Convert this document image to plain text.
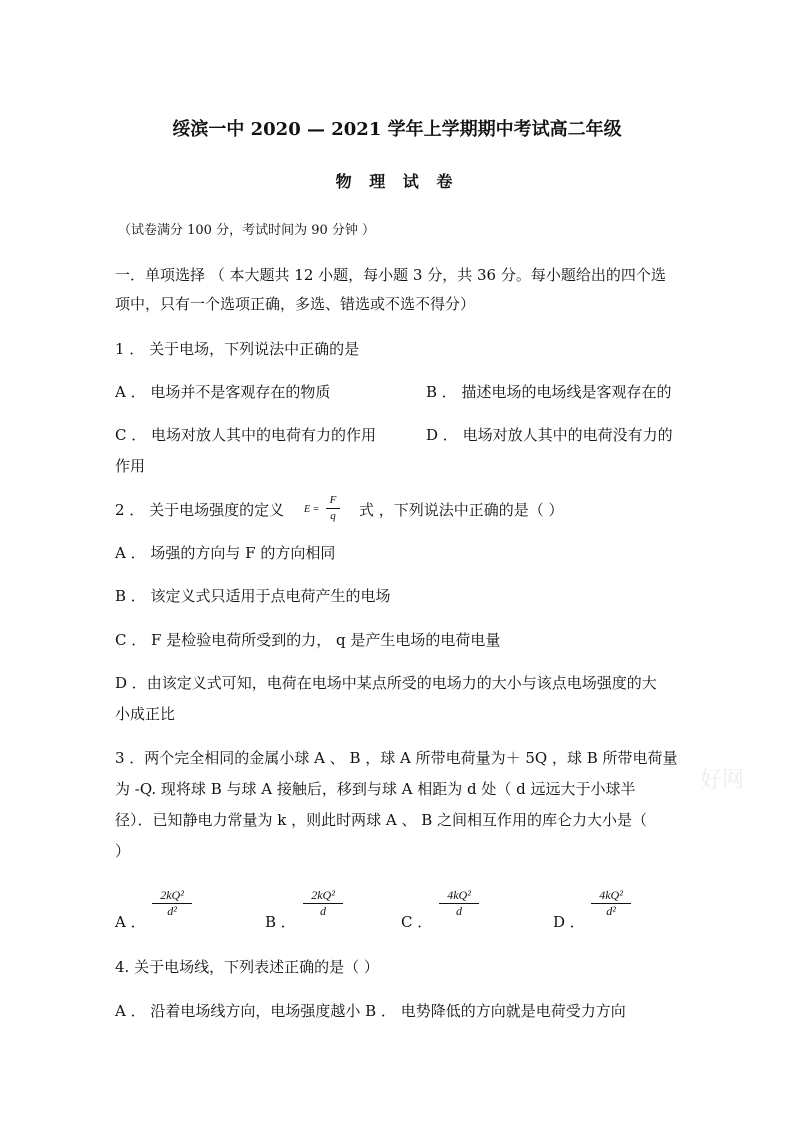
绥滨一中 2020 — 2021 学年上学期期中考试高二年级
物 理 试 卷
（试卷满分 100 分，考试时间为 90 分钟 ）
一．单项选择 （ 本大题共 12 小题，每小题 3 分，共 36 分。每小题给出的四个选
项中，只有一个选项正确，多选、错选或不选不得分）
1 ． 关于电场，下列说法中正确的是
A ． 电场并不是客观存在的物质	B ． 描述电场的电场线是客观存在的
C ． 电场对放人其中的电荷有力的作用	D ． 电场对放人其中的电荷没有力的
作用
2 ． 关于电场强度的定义 E =
F
q 式 ，下列说法中正确的是（ ）
A ． 场强的方向与 F 的方向相同
B ． 该定义式只适用于点电荷产生的电场
C ． F 是检验电荷所受到的力， q 是产生电场的电荷电量
D ．由该定义式可知，电荷在电场中某点所受的电场力的大小与该点电场强度的大
小成正比
3 ．两个完全相同的金属小球 A 、 B ，球 A 所带电荷量为＋ 5Q ，球 B 所带电荷量
为 -Q. 现将球 B 与球 A 接触后，移到与球 A 相距为 d 处（ d 远远大于小球半
径）．已知静电力常量为 k ，则此时两球 A 、 B 之间相互作用的库仑力大小是（
）
A ．
2kQ²
d²
B ．
2kQ²
d
C ．
4kQ²
d
D ．
4kQ²
d²
4. 关于电场线，下列表述正确的是（ ）
A ． 沿着电场线方向，电场强度越小 B ． 电势降低的方向就是电荷受力方向
好网
